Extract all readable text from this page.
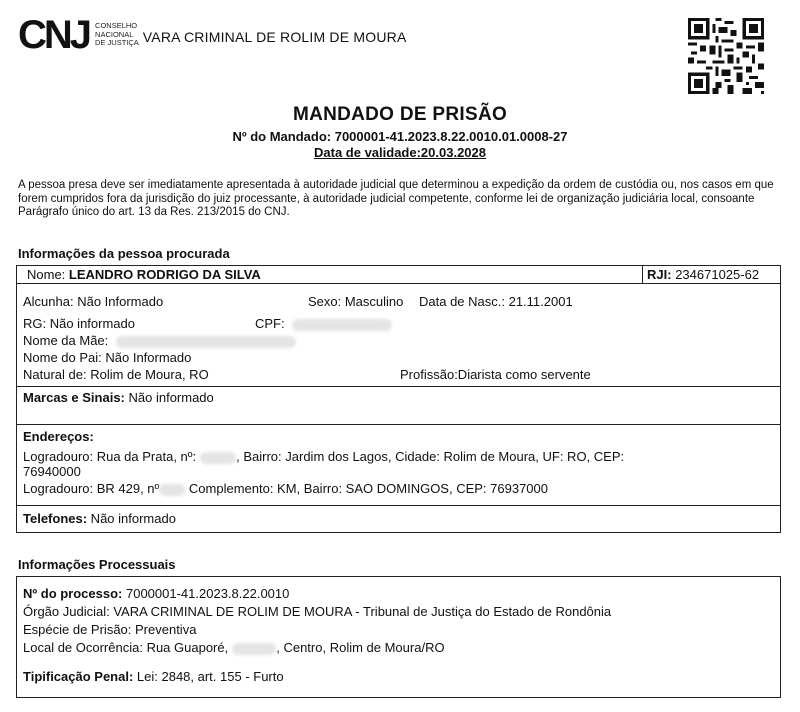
CNJ CONSELHO
NACIONAL
DE JUSTIÇA VARA CRIMINAL DE ROLIM DE MOURA
MANDADO DE PRISÃO
Nº do Mandado: 7000001-41.2023.8.22.0010.01.0008-27
Data de validade:20.03.2028
A pessoa presa deve ser imediatamente apresentada à autoridade judicial que determinou a expedição da ordem de custódia ou, nos casos em que forem cumpridos fora da jurisdição do juiz processante, à autoridade judicial competente, conforme lei de organização judiciária local, consoante Parágrafo único do art. 13 da Res. 213/2015 do CNJ.
Informações da pessoa procurada
Nome: LEANDRO RODRIGO DA SILVA	RJI: 234671025-62
Alcunha: Não Informado	Sexo: Masculino Data de Nasc.: 21.11.2001
RG: Não informado	CPF:
Nome da Mãe:
Nome do Pai: Não Informado
Natural de: Rolim de Moura, RO	Profissão:Diarista como servente
Marcas e Sinais: Não informado
Endereços:
Logradouro: Rua da Prata, nº:	, Bairro: Jardim dos Lagos, Cidade: Rolim de Moura, UF: RO, CEP:
76940000
Logradouro: BR 429, nº Complemento: KM, Bairro: SAO DOMINGOS, CEP: 76937000
Telefones: Não informado
Informações Processuais
Nº do processo: 7000001-41.2023.8.22.0010
Órgão Judicial: VARA CRIMINAL DE ROLIM DE MOURA - Tribunal de Justiça do Estado de Rondônia
Espécie de Prisão: Preventiva
Local de Ocorrência: Rua Guaporé,	, Centro, Rolim de Moura/RO
Tipificação Penal: Lei: 2848, art. 155 - Furto
